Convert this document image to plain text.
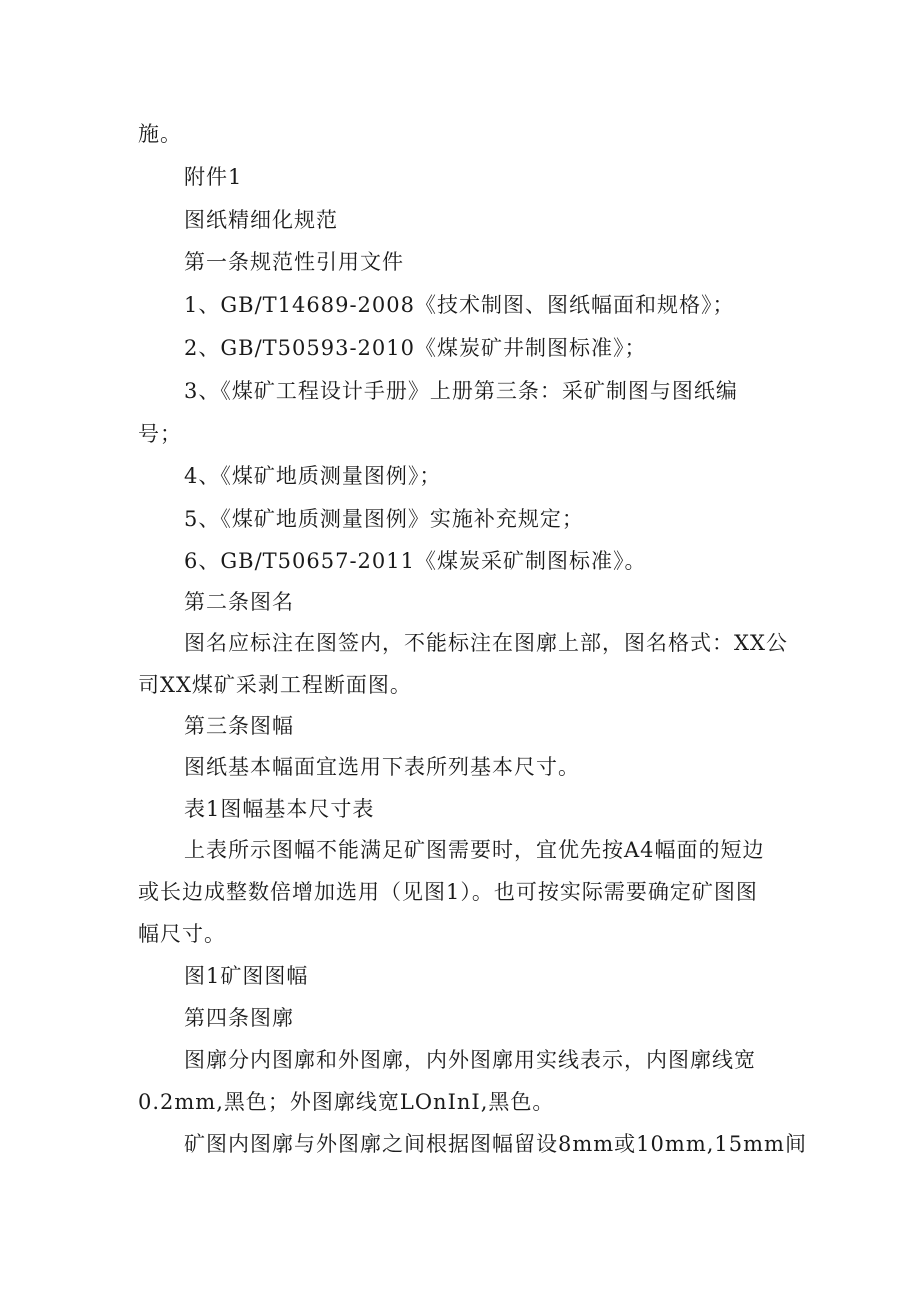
施。
附件1
图纸精细化规范
第一条规范性引用文件
1、GB/T14689-2008《技术制图、图纸幅面和规格》；
2、GB/T50593-2010《煤炭矿井制图标准》；
3、《煤矿工程设计手册》上册第三条：采矿制图与图纸编
号；
4、《煤矿地质测量图例》；
5、《煤矿地质测量图例》实施补充规定；
6、GB/T50657-2011《煤炭采矿制图标准》。
第二条图名
图名应标注在图签内，不能标注在图廓上部，图名格式：XX公
司XX煤矿采剥工程断面图。
第三条图幅
图纸基本幅面宜选用下表所列基本尺寸。
表1图幅基本尺寸表
上表所示图幅不能满足矿图需要时，宜优先按A4幅面的短边
或长边成整数倍增加选用（见图1）。也可按实际需要确定矿图图
幅尺寸。
图1矿图图幅
第四条图廓
图廓分内图廓和外图廓，内外图廓用实线表示，内图廓线宽
0.2mm,黑色；外图廓线宽LOnInI,黑色。
矿图内图廓与外图廓之间根据图幅留设8mm或10mm,15mm间
